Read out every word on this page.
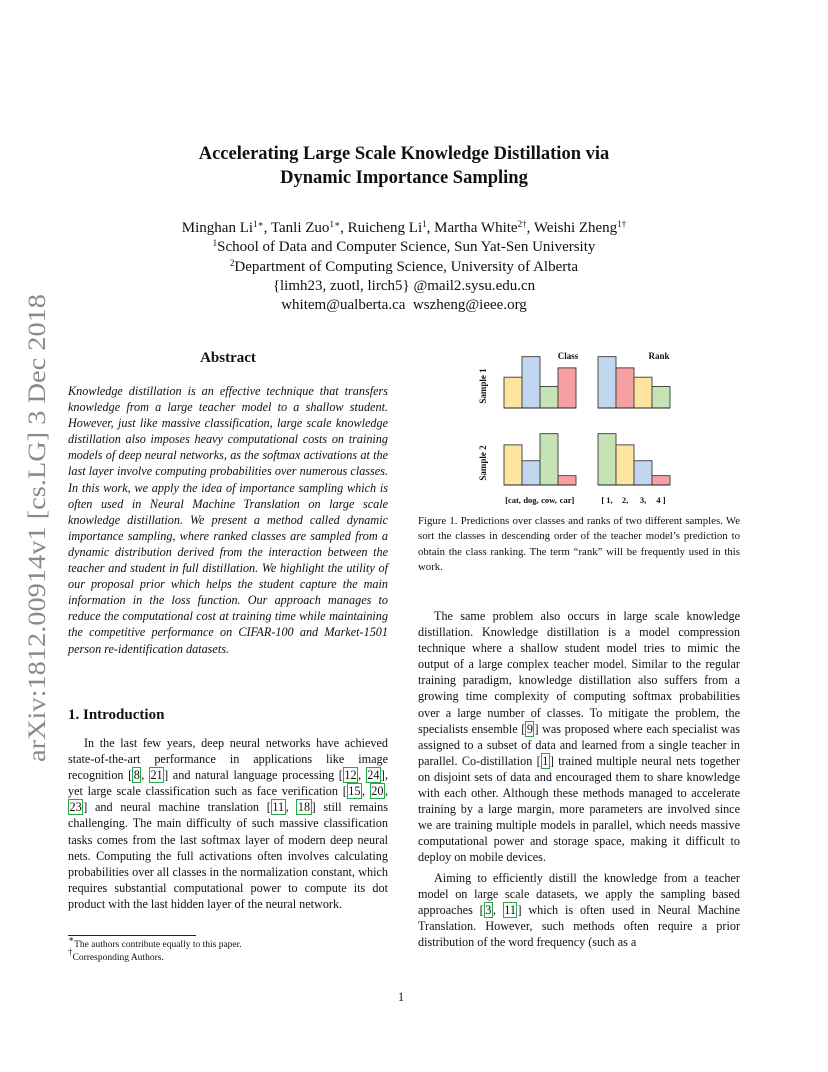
arXiv:1812.00914v1 [cs.LG] 3 Dec 2018
Accelerating Large Scale Knowledge Distillation via
Dynamic Importance Sampling
Minghan $Li^{1∗}$, Tanli Zuo$^{1∗}$, Ruicheng Li$^1$, Martha White$^{2\dagger}$, Weishi Zheng$^{1\dagger}$
$^1$School of Data and Computer Science, Sun Yat-Sen University
$^2$Department of Computing Science, University of Alberta
{limh23, zuotl, lirch5} @mail2.sysu.edu.cn
whitem@ualberta.ca  wszheng@ieee.org
Abstract
Knowledge distillation is an effective technique that transfers knowledge from a large teacher model to a shallow student. However, just like massive classification, large scale knowledge distillation also imposes heavy computational costs on training models of deep neural networks, as the softmax activations at the last layer involve computing probabilities over numerous classes. In this work, we apply the idea of importance sampling which is often used in Neural Machine Translation on large scale knowledge distillation. We present a method called dynamic importance sampling, where ranked classes are sampled from a dynamic distribution derived from the interaction between the teacher and student in full distillation. We highlight the utility of our proposal prior which helps the student capture the main information in the loss function. Our approach manages to reduce the computational cost at training time while maintaining the competitive performance on CIFAR-100 and Market-1501 person re-identification datasets.
1. Introduction

In the last few years, deep neural networks have achieved state-of-the-art performance in applications like image recognition [ 8 , 21 ] and natural language processing [ 12 , 24 ], yet large scale classification such as face verification [ 15 , 20 , 23 ] and neural machine translation [ 11 , 18 ] still remains challenging. The main difficulty of such massive classification tasks comes from the last softmax layer of modern deep neural nets. Computing the full activations often involves calculating probabilities over all classes in the normalization constant, which requires substantial computational power to compute its dot product with the last hidden layer of the neural network.

∗The authors contribute equally to this paper.
†Corresponding Authors.
1
Class	Rank
Sample 1
Sample 2
[cat, dog, cow, car]	[ 1, 2, 3, 4 ]
Figure 1. Predictions over classes and ranks of two different samples. We sort the classes in descending order of the teacher model’s prediction to obtain the class ranking. The term “rank” will be frequently used in this work.

The same problem also occurs in large scale knowledge distillation. Knowledge distillation is a model compression technique where a shallow student model tries to mimic the output of a large complex teacher model. Similar to the regular training paradigm, knowledge distillation also suffers from a growing time complexity of computing softmax probabilities over a large number of classes. To mitigate the problem, the specialists ensemble [ 9 ] was proposed where each specialist was assigned to a subset of data and learned from a single teacher in parallel. Co-distillation [ 1 ] trained multiple neural nets together on disjoint sets of data and encouraged them to share knowledge with each other. Although these methods managed to accelerate training by a large margin, more parameters are involved since we are training multiple models in parallel, which needs massive computational power and storage space, making it difficult to deploy on mobile devices.

Aiming to efficiently distill the knowledge from a teacher model on large scale datasets, we apply the sampling based approaches [ 3 , 11 ] which is often used in Neural Machine Translation. However, such methods often require a prior distribution of the word frequency (such as a
